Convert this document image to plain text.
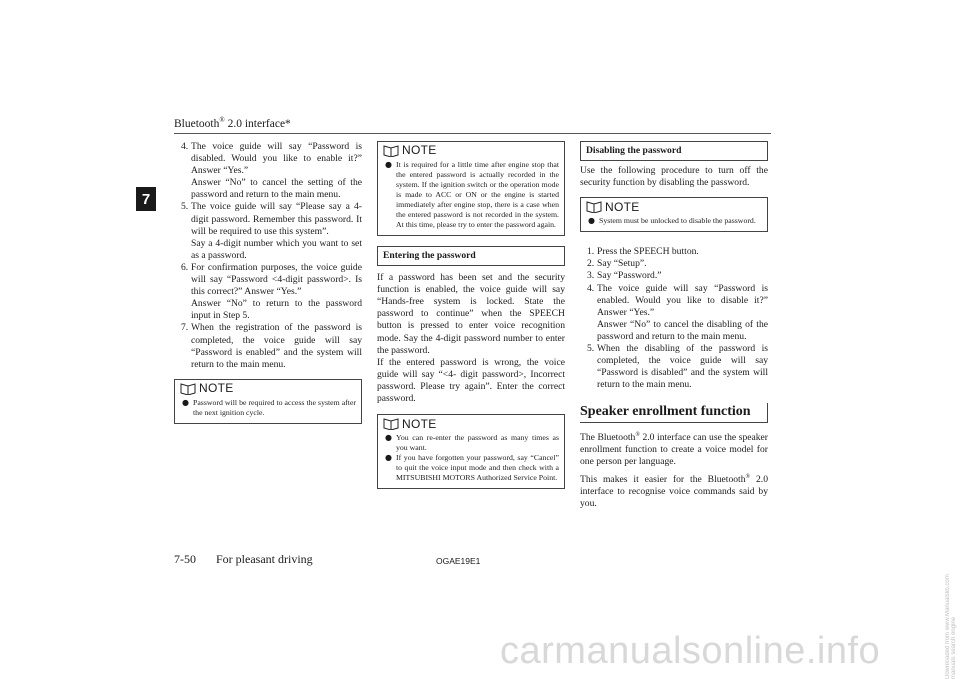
Bluetooth® 2.0 interface*
7
4. The voice guide will say “Password is disabled. Would you like to enable it?” Answer “Yes.”
Answer “No” to cancel the setting of the password and return to the main menu.
5. The voice guide will say “Please say a 4-digit password. Remember this password. It will be required to use this system”.
Say a 4-digit number which you want to set as a password.
6. For confirmation purposes, the voice guide will say “Password <4-digit password>. Is this correct?” Answer “Yes.”
Answer “No” to return to the password input in Step 5.
7. When the registration of the password is completed, the voice guide will say “Password is enabled” and the system will return to the main menu.
NOTE
● Password will be required to access the system after the next ignition cycle.
NOTE
● It is required for a little time after engine stop that the entered password is actually recorded in the system. If the ignition switch or the operation mode is made to ACC or ON or the engine is started immediately after engine stop, there is a case when the entered password is not recorded in the system. At this time, please try to enter the password again.
Entering the password

If a password has been set and the security function is enabled, the voice guide will say “Hands-free system is locked. State the password to continue” when the SPEECH button is pressed to enter voice recognition mode. Say the 4-digit password number to enter the password.

If the entered password is wrong, the voice guide will say “<4- digit password>, Incorrect password. Please try again”. Enter the correct password.

NOTE
● You can re-enter the password as many times as you want.
● If you have forgotten your password, say “Cancel” to quit the voice input mode and then check with a MITSUBISHI MOTORS Authorized Service Point.
Disabling the password

Use the following procedure to turn off the security function by disabling the password.

NOTE
● System must be unlocked to disable the password.
1. Press the SPEECH button.
2. Say “Setup”.
3. Say “Password.”
4. The voice guide will say “Password is enabled. Would you like to disable it?” Answer “Yes.”
Answer “No” to cancel the disabling of the password and return to the main menu.
5. When the disabling of the password is completed, the voice guide will say “Password is disabled” and the system will return to the main menu.
Speaker enrollment function

The Bluetooth® 2.0 interface can use the speaker enrollment function to create a voice model for one person per language.

This makes it easier for the Bluetooth® 2.0 interface to recognise voice commands said by you.

7-50 For pleasant driving	OGAE19E1
carmanualsonline.info	Downloaded from www.Manualslib.com manuals search engine
